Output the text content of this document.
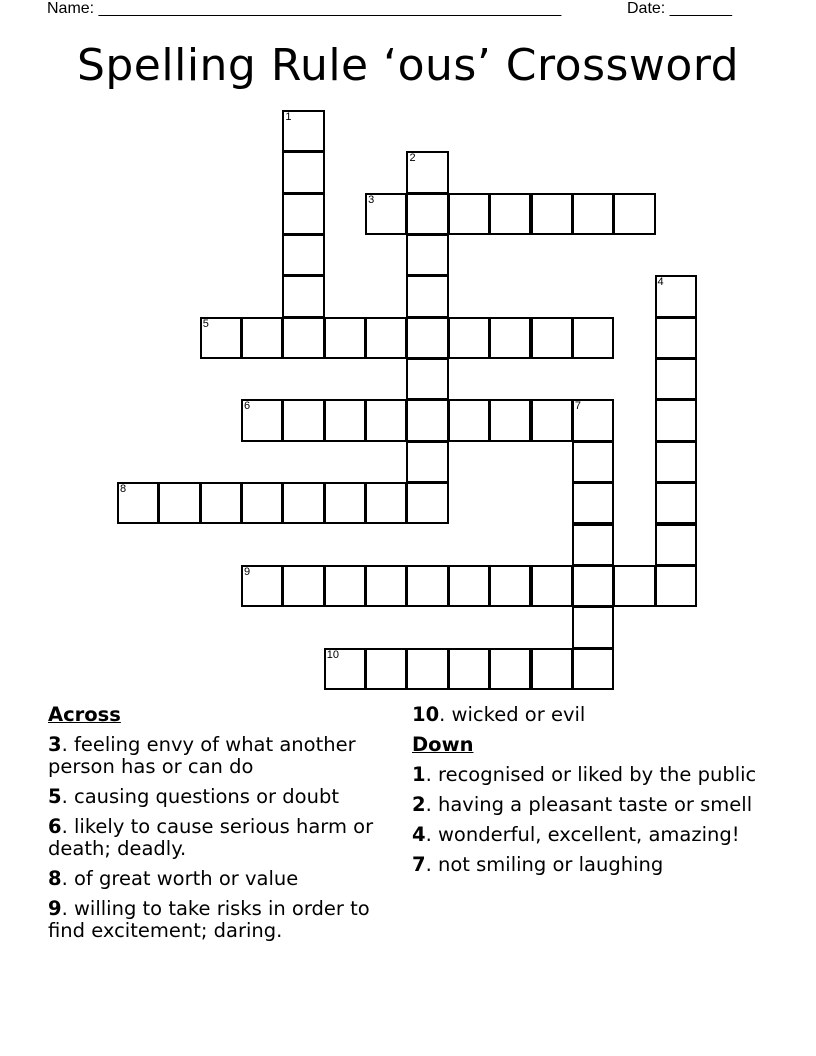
Name: ____________________________________________________	Date: _______
Spelling Rule ‘ous’ Crossword
1
2
3
4
5
6	7
8
9
10
Across
3. feeling envy of what another person has or can do
5. causing questions or doubt
6. likely to cause serious harm or death; deadly.
8. of great worth or value
9. willing to take risks in order to find excitement; daring.
10. wicked or evil
Down
1. recognised or liked by the public
2. having a pleasant taste or smell
4. wonderful, excellent, amazing!
7. not smiling or laughing
